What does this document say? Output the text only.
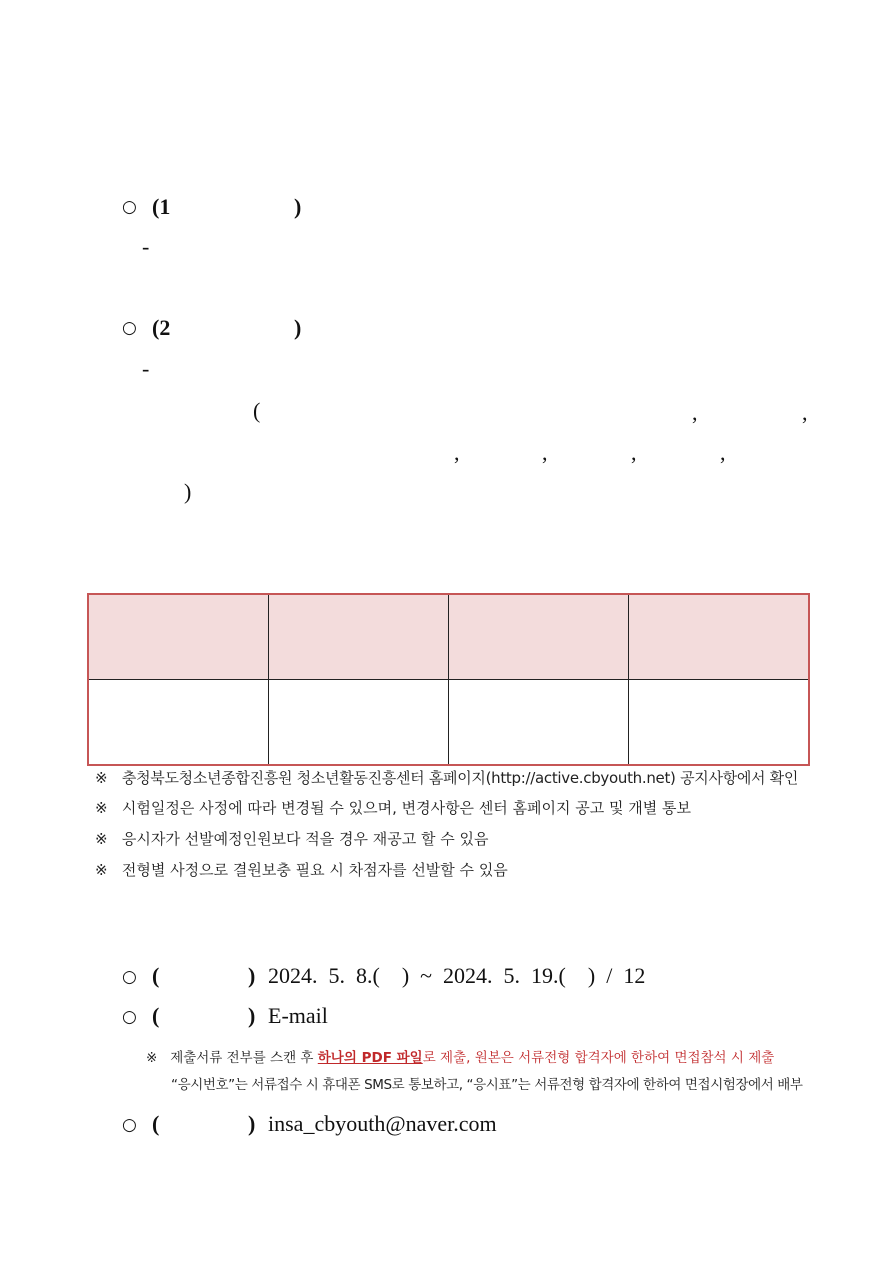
○ (1	)
-
○ (2	)
-
(	,	,
,	,	,	,
)

※ 충청북도청소년종합진흥원 청소년활동진흥센터 홈페이지(http://active.cbyouth.net) 공지사항에서 확인
※ 시험일정은 사정에 따라 변경될 수 있으며, 변경사항은 센터 홈페이지 공고 및 개별 통보
※ 응시자가 선발예정인원보다 적을 경우 재공고 할 수 있음
※ 전형별 사정으로 결원보충 필요 시 차점자를 선발할 수 있음
○ (	) 2024.  5.  8.(    )  ~  2024.  5.  19.(    )  /  12
○ (	) E-mail
※ 제출서류 전부를 스캔 후 하나의 PDF 파일로 제출, 원본은 서류전형 합격자에 한하여 면접참석 시 제출
“응시번호”는 서류접수 시 휴대폰 SMS로 통보하고, “응시표”는 서류전형 합격자에 한하여 면접시험장에서 배부
○ (	) insa_cbyouth@naver.com
